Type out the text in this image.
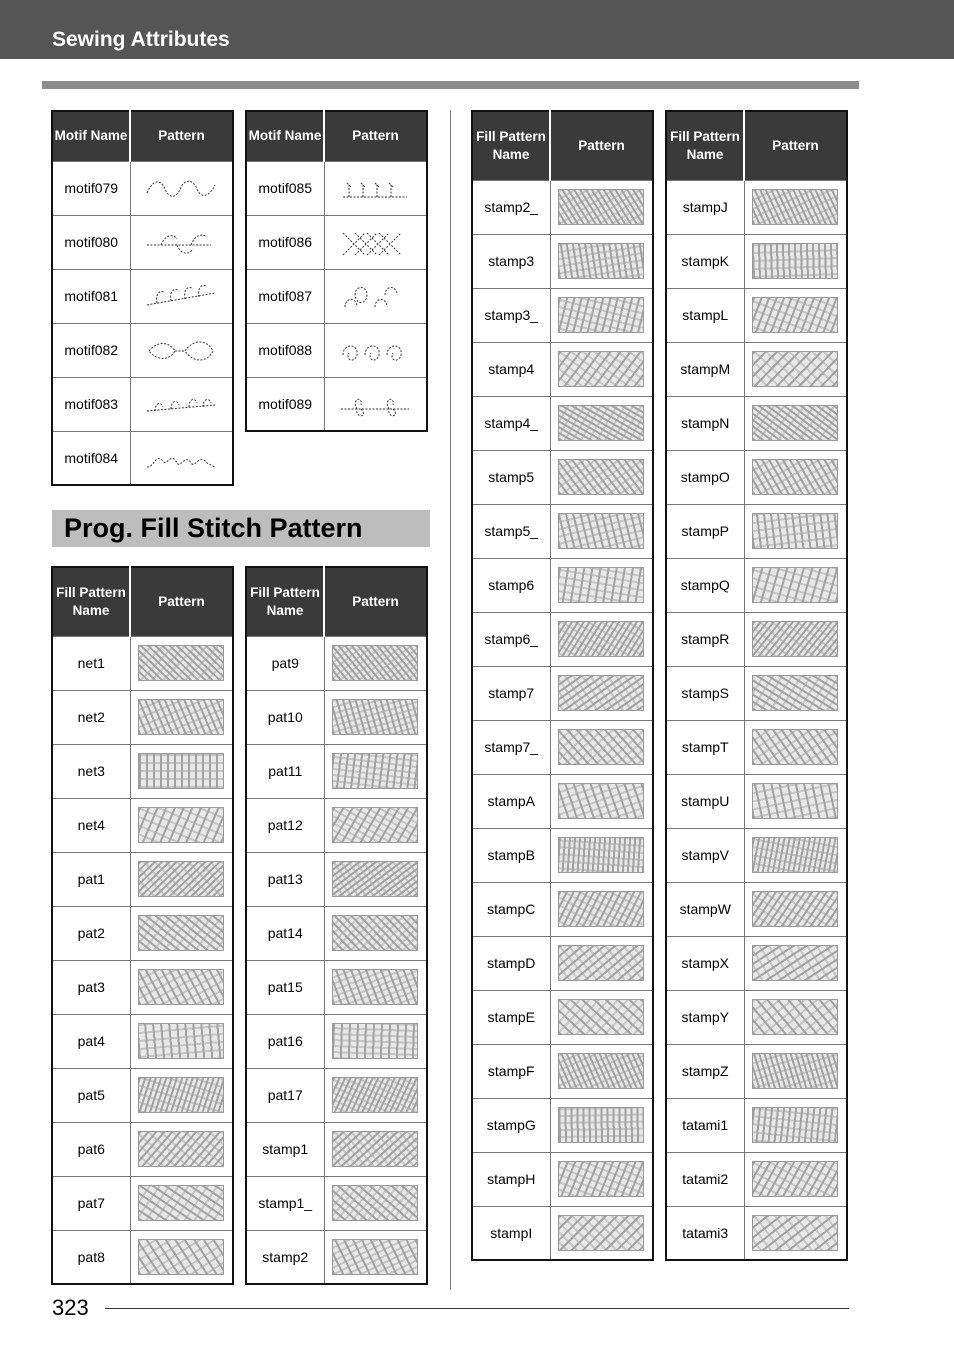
Sewing Attributes
Motif Name	Pattern
motif079	

motif080	

motif081	

motif082	

motif083	

motif084	
Motif Name	Pattern
motif085	

motif086	

motif087	

motif088	

motif089	
Fill Pattern Name	Pattern
net1	
net2	
net3	
net4	
pat1	
pat2	
pat3	
pat4	
pat5	
pat6	
pat7	
pat8	
Fill Pattern Name	Pattern
pat9	
pat10	
pat11	
pat12	
pat13	
pat14	
pat15	
pat16	
pat17	
stamp1	
stamp1_	
stamp2	
Fill Pattern Name	Pattern
stamp2_	
stamp3	
stamp3_	
stamp4	
stamp4_	
stamp5	
stamp5_	
stamp6	
stamp6_	
stamp7	
stamp7_	
stampA	
stampB	
stampC	
stampD	
stampE	
stampF	
stampG	
stampH	
stampI	
Fill Pattern Name	Pattern
stampJ	
stampK	
stampL	
stampM	
stampN	
stampO	
stampP	
stampQ	
stampR	
stampS	
stampT	
stampU	
stampV	
stampW	
stampX	
stampY	
stampZ	
tatami1	
tatami2	
tatami3	
Prog. Fill Stitch Pattern
323
